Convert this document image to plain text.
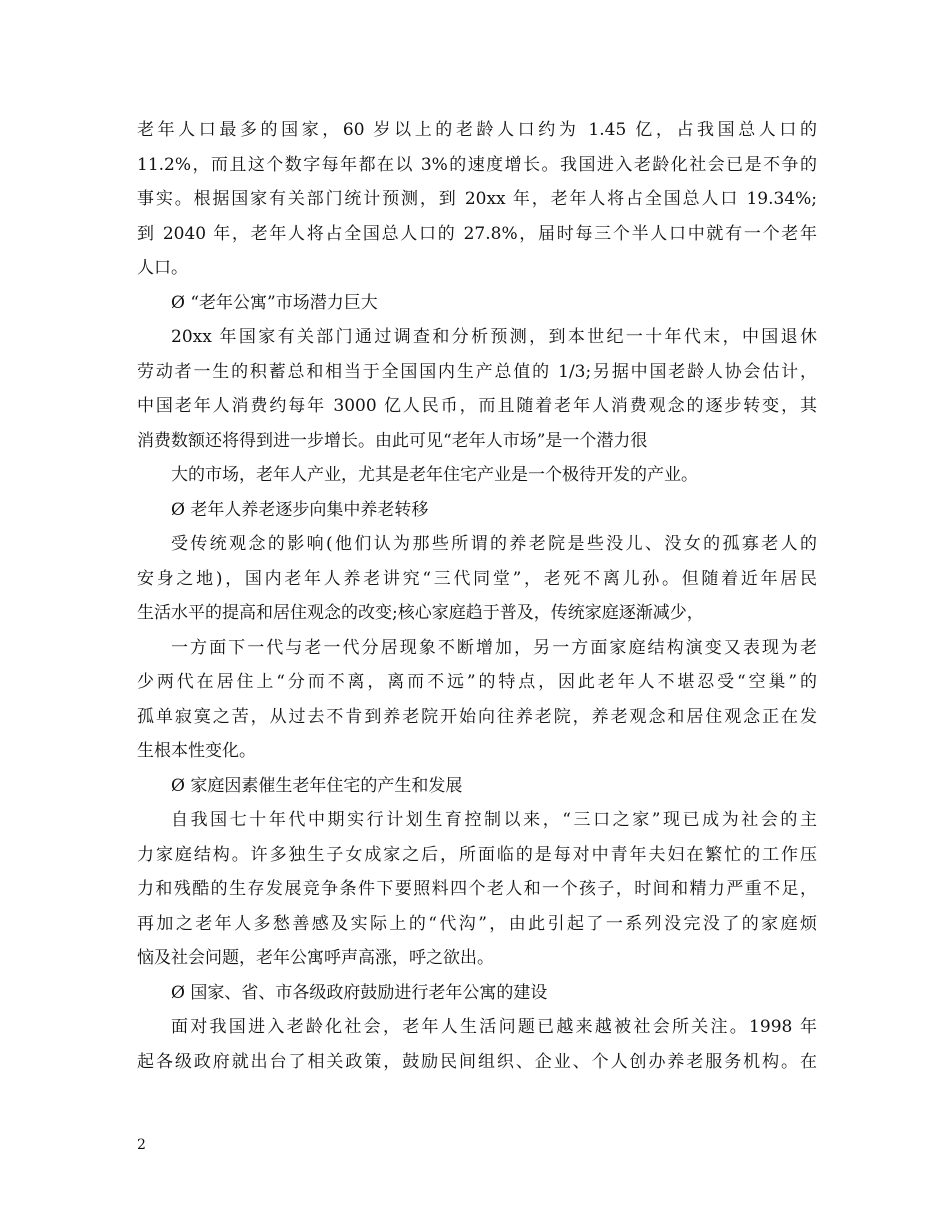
老年人口最多的国家，60 岁以上的老龄人口约为 1.45 亿，占我国总人口的
11.2%，而且这个数字每年都在以 3%的速度增长。我国进入老龄化社会已是不争的
事实。根据国家有关部门统计预测，到 20xx 年，老年人将占全国总人口 19.34%;
到 2040 年，老年人将占全国总人口的 27.8%，届时每三个半人口中就有一个老年
人口。
Ø “老年公寓”市场潜力巨大
20xx 年国家有关部门通过调查和分析预测，到本世纪一十年代末，中国退休
劳动者一生的积蓄总和相当于全国国内生产总值的 1/3;另据中国老龄人协会估计，
中国老年人消费约每年 3000 亿人民币，而且随着老年人消费观念的逐步转变，其
消费数额还将得到进一步增长。由此可见“老年人市场”是一个潜力很
大的市场，老年人产业，尤其是老年住宅产业是一个极待开发的产业。
Ø 老年人养老逐步向集中养老转移
受传统观念的影响(他们认为那些所谓的养老院是些没儿、没女的孤寡老人的
安身之地)，国内老年人养老讲究“三代同堂”，老死不离儿孙。但随着近年居民
生活水平的提高和居住观念的改变;核心家庭趋于普及，传统家庭逐渐减少，
一方面下一代与老一代分居现象不断增加，另一方面家庭结构演变又表现为老
少两代在居住上“分而不离，离而不远”的特点，因此老年人不堪忍受“空巢”的
孤单寂寞之苦，从过去不肯到养老院开始向往养老院，养老观念和居住观念正在发
生根本性变化。
Ø 家庭因素催生老年住宅的产生和发展
自我国七十年代中期实行计划生育控制以来，“三口之家”现已成为社会的主
力家庭结构。许多独生子女成家之后，所面临的是每对中青年夫妇在繁忙的工作压
力和残酷的生存发展竞争条件下要照料四个老人和一个孩子，时间和精力严重不足，
再加之老年人多愁善感及实际上的“代沟”，由此引起了一系列没完没了的家庭烦
恼及社会问题，老年公寓呼声高涨，呼之欲出。
Ø 国家、省、市各级政府鼓励进行老年公寓的建设
面对我国进入老龄化社会，老年人生活问题已越来越被社会所关注。1998 年
起各级政府就出台了相关政策，鼓励民间组织、企业、个人创办养老服务机构。在
2
